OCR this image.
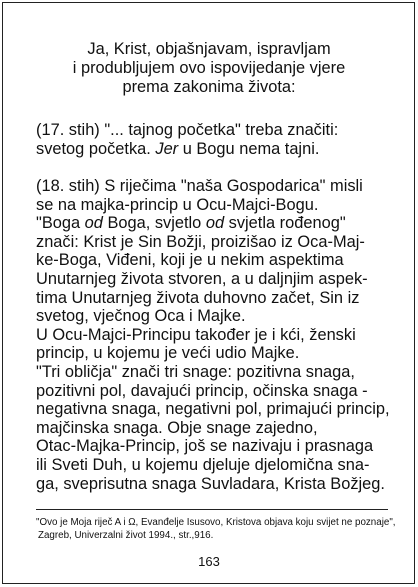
Ja, Krist, objašnjavam, ispravljam
i produbljujem ovo ispovijedanje vjere
prema zakonima života:
(17. stih) "... tajnog početka" treba značiti:
svetog početka. Jer u Bogu nema tajni.
(18. stih) S riječima "naša Gospodarica" misli
se na majka-princip u Ocu-Majci-Bogu.
"Boga od Boga, svjetlo od svjetla rođenog"
znači: Krist je Sin Božji, proizišao iz Oca-Maj-
ke-Boga, Viđeni, koji je u nekim aspektima
Unutarnjeg života stvoren, a u daljnjim aspek-
tima Unutarnjeg života duhovno začet, Sin iz
svetog, vječnog Oca i Majke.
U Ocu-Majci-Principu također je i kći, ženski
princip, u kojemu je veći udio Majke.
"Tri obličja" znači tri snage: pozitivna snaga,
pozitivni pol, davajući princip, očinska snaga -
negativna snaga, negativni pol, primajući princip,
majčinska snaga. Obje snage zajedno,
Otac-Majka-Princip, još se nazivaju i prasnaga
ili Sveti Duh, u kojemu djeluje djelomična sna-
ga, sveprisutna snaga Suvladara, Krista Božjeg.
"Ovo je Moja riječ A i Ω, Evanđelje Isusovo, Kristova objava koju svijet ne poznaje",
Zagreb, Univerzalni život 1994., str.,916.
163
